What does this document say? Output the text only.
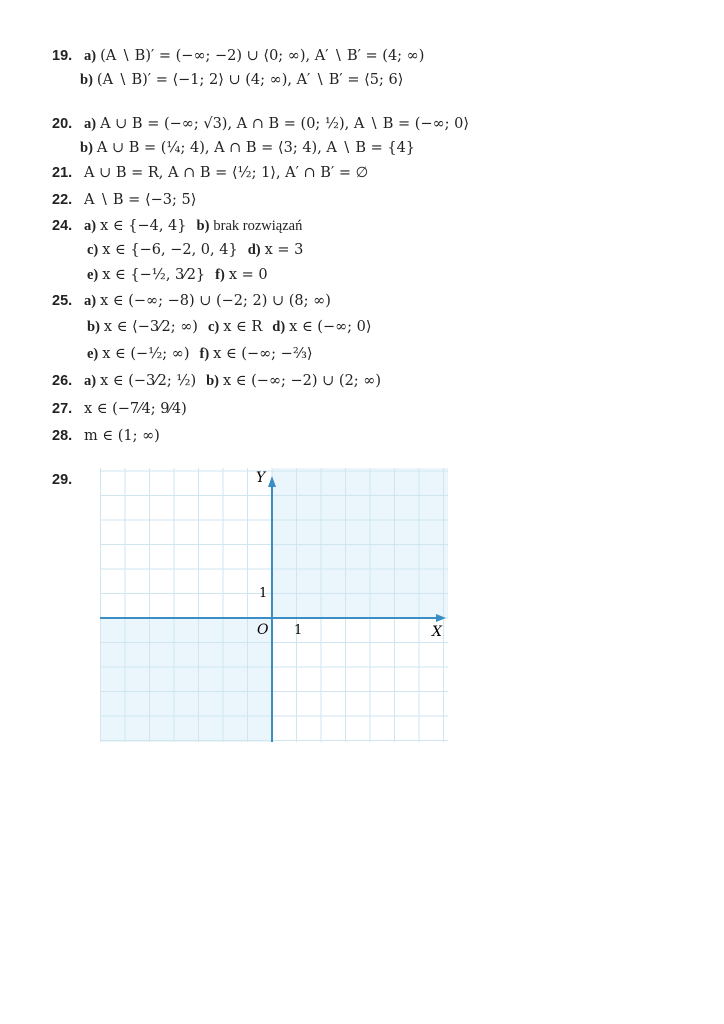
19. a) (A ∖ B)′ = (−∞; −2) ∪ ⟨0; ∞), A′ ∖ B′ = (4; ∞)
b) (A ∖ B)′ = ⟨−1; 2⟩ ∪ (4; ∞), A′ ∖ B′ = ⟨5; 6⟩
20. a) A ∪ B = (−∞; √3), A ∩ B = (0; ½), A ∖ B = (−∞; 0⟩
b) A ∪ B = (¼; 4), A ∩ B = ⟨3; 4), A ∖ B = {4}
21. A ∪ B = R, A ∩ B = ⟨½; 1⟩, A′ ∩ B′ = ∅
22. A ∖ B = ⟨−3; 5⟩
24. a) x ∈ {−4, 4} b) brak rozwiązań
c) x ∈ {−6, −2, 0, 4} d) x = 3
e) x ∈ {−½, 3⁄2} f) x = 0
25. a) x ∈ (−∞; −8) ∪ (−2; 2) ∪ (8; ∞)
b) x ∈ ⟨−3⁄2; ∞) c) x ∈ R d) x ∈ (−∞; 0⟩
e) x ∈ (−½; ∞) f) x ∈ (−∞; −⅔⟩
26. a) x ∈ (−3⁄2; ½) b) x ∈ (−∞; −2) ∪ (2; ∞)
27. x ∈ (−7⁄4; 9⁄4)
28. m ∈ (1; ∞)
29.	Y
X
O 1
1
